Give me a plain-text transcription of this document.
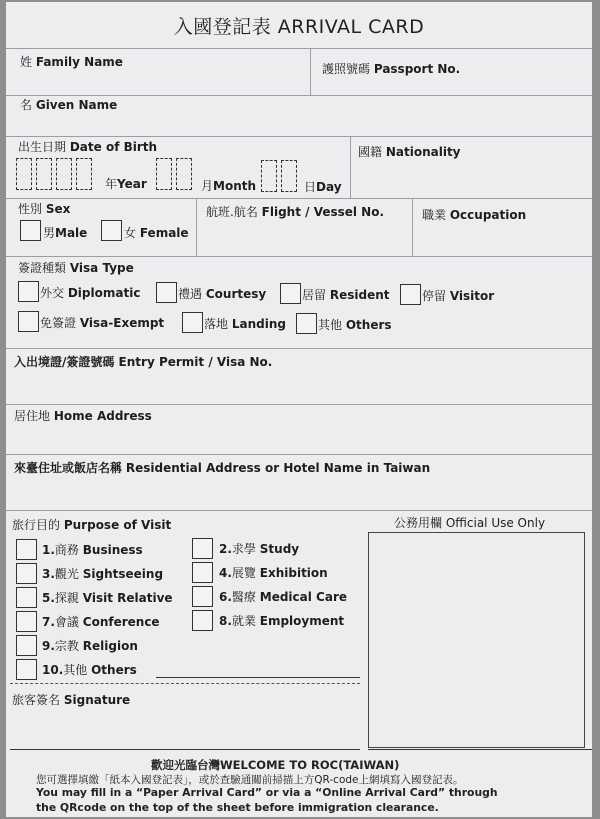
入國登記表 ARRIVAL CARD
姓 Family Name	護照號碼 Passport No.
名 Given Name
出生日期 Date of Birth
年Year	月Month	日Day
國籍 Nationality
性別 Sex
男Male	女 Female
航班.航名 Flight / Vessel No.	職業 Occupation
簽證種類 Visa Type
外交 Diplomatic	禮遇 Courtesy	居留 Resident	停留 Visitor
免簽證 Visa-Exempt	落地 Landing	其他 Others
入出境證/簽證號碼 Entry Permit / Visa No.
居住地 Home Address
來臺住址或飯店名稱 Residential Address or Hotel Name in Taiwan
旅行目的 Purpose of Visit	公務用欄 Official Use Only
1.商務 Business	2.求學 Study
3.觀光 Sightseeing	4.展覽 Exhibition
5.探親 Visit Relative	6.醫療 Medical Care
7.會議 Conference	8.就業 Employment
9.宗教 Religion
10.其他 Others
旅客簽名 Signature
歡迎光臨台灣WELCOME TO ROC(TAIWAN)
您可選擇填繳「紙本入國登記表」，或於查驗通關前掃描上方QR-code上網填寫入國登記表。
You may fill in a “Paper Arrival Card” or via a “Online Arrival Card” through
the QRcode on the top of the sheet before immigration clearance.
